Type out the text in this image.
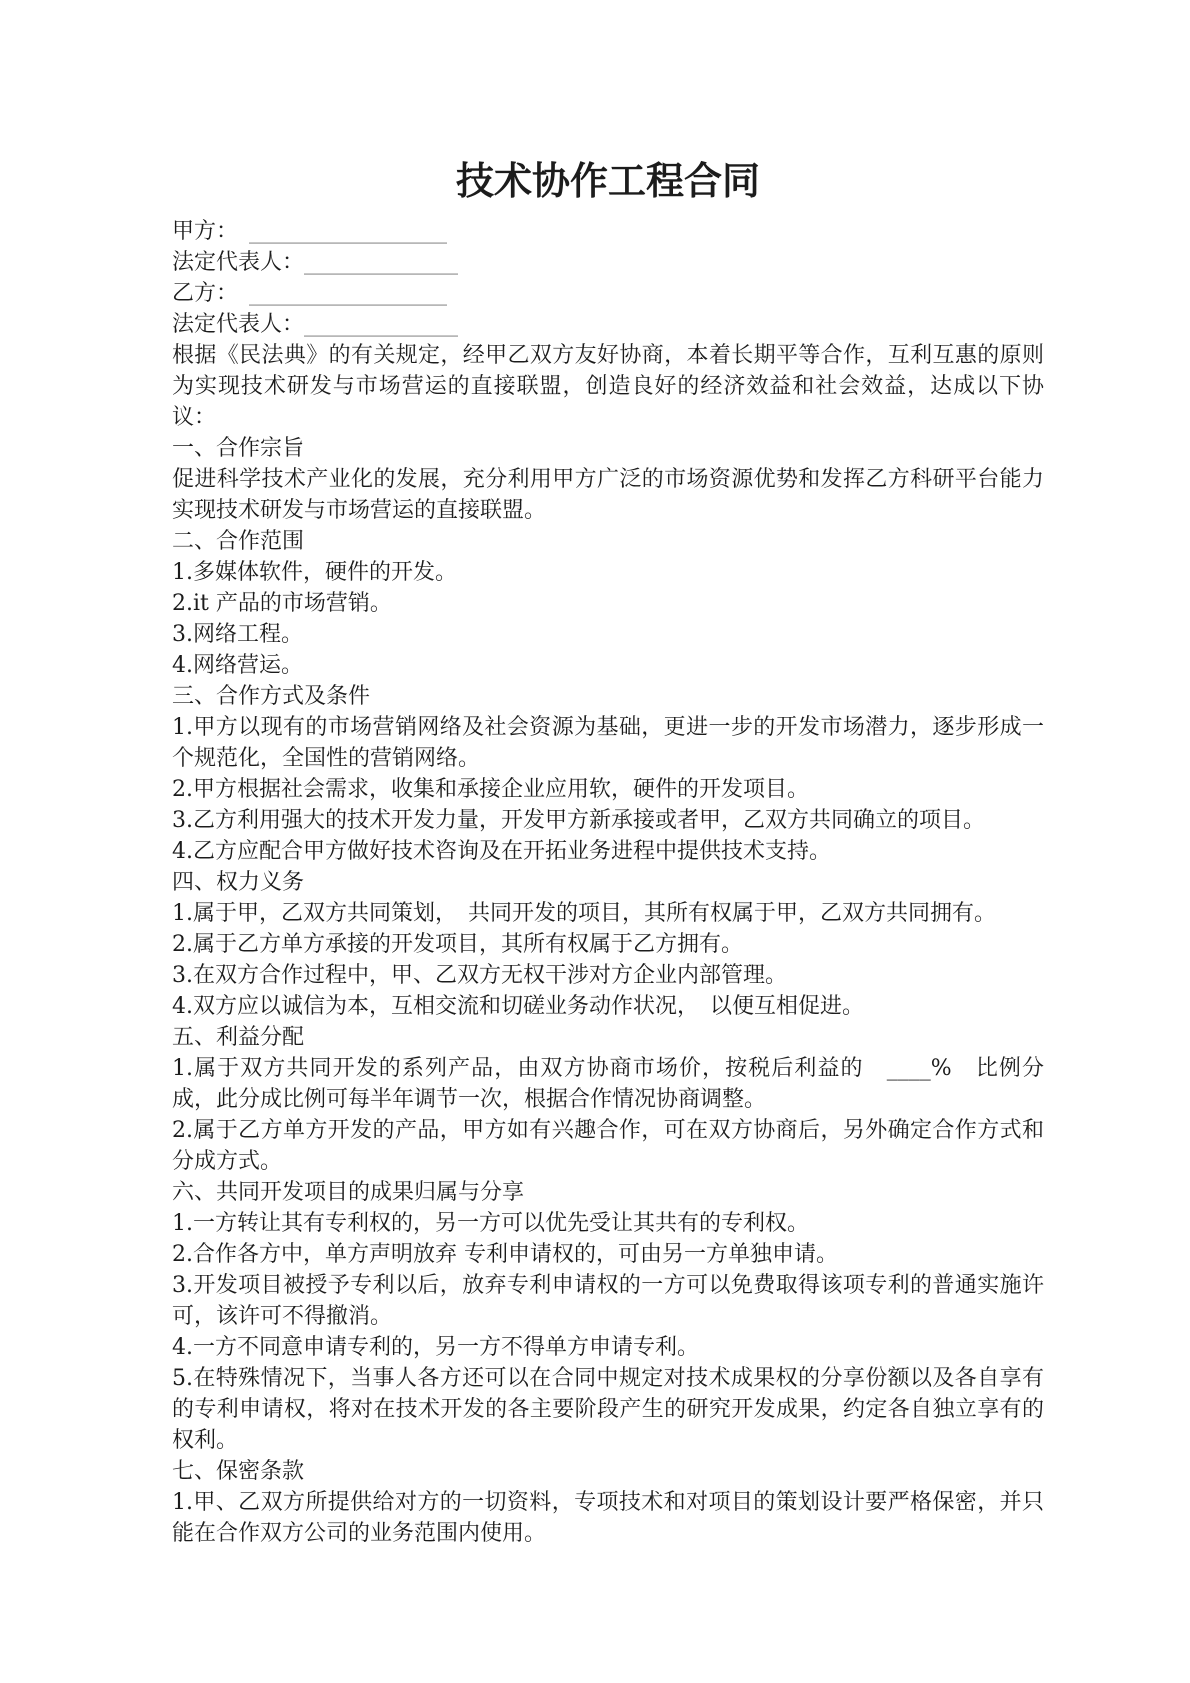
技术协作工程合同
甲方：　__________________
法定代表人：______________
乙方：　__________________
法定代表人：______________

根据《民法典》的有关规定，经甲乙双方友好协商，本着长期平等合作，互利互惠的原则为实现技术研发与市场营运的直接联盟，创造良好的经济效益和社会效益，达成以下协议：

一、合作宗旨

促进科学技术产业化的发展，充分利用甲方广泛的市场资源优势和发挥乙方科研平台能力实现技术研发与市场营运的直接联盟。

二、合作范围

1.多媒体软件，硬件的开发。

2.it 产品的市场营销。

3.网络工程。

4.网络营运。

三、合作方式及条件

1.甲方以现有的市场营销网络及社会资源为基础，更进一步的开发市场潜力，逐步形成一个规范化，全国性的营销网络。

2.甲方根据社会需求，收集和承接企业应用软，硬件的开发项目。

3.乙方利用强大的技术开发力量，开发甲方新承接或者甲，乙双方共同确立的项目。

4.乙方应配合甲方做好技术咨询及在开拓业务进程中提供技术支持。

四、权力义务

1.属于甲，乙双方共同策划，　共同开发的项目，其所有权属于甲，乙双方共同拥有。

2.属于乙方单方承接的开发项目，其所有权属于乙方拥有。

3.在双方合作过程中，甲、乙双方无权干涉对方企业内部管理。

4.双方应以诚信为本，互相交流和切磋业务动作状况，　以便互相促进。

五、利益分配

1.属于双方共同开发的系列产品，由双方协商市场价，按税后利益的　____%　比例分成，此分成比例可每半年调节一次，根据合作情况协商调整。

2.属于乙方单方开发的产品，甲方如有兴趣合作，可在双方协商后，另外确定合作方式和分成方式。

六、共同开发项目的成果归属与分享

1.一方转让其有专利权的，另一方可以优先受让其共有的专利权。

2.合作各方中，单方声明放弃 专利申请权的，可由另一方单独申请。

3.开发项目被授予专利以后，放弃专利申请权的一方可以免费取得该项专利的普通实施许可，该许可不得撤消。

4.一方不同意申请专利的，另一方不得单方申请专利。

5.在特殊情况下，当事人各方还可以在合同中规定对技术成果权的分享份额以及各自享有的专利申请权，将对在技术开发的各主要阶段产生的研究开发成果，约定各自独立享有的权利。

七、保密条款

1.甲、乙双方所提供给对方的一切资料，专项技术和对项目的策划设计要严格保密，并只能在合作双方公司的业务范围内使用。
